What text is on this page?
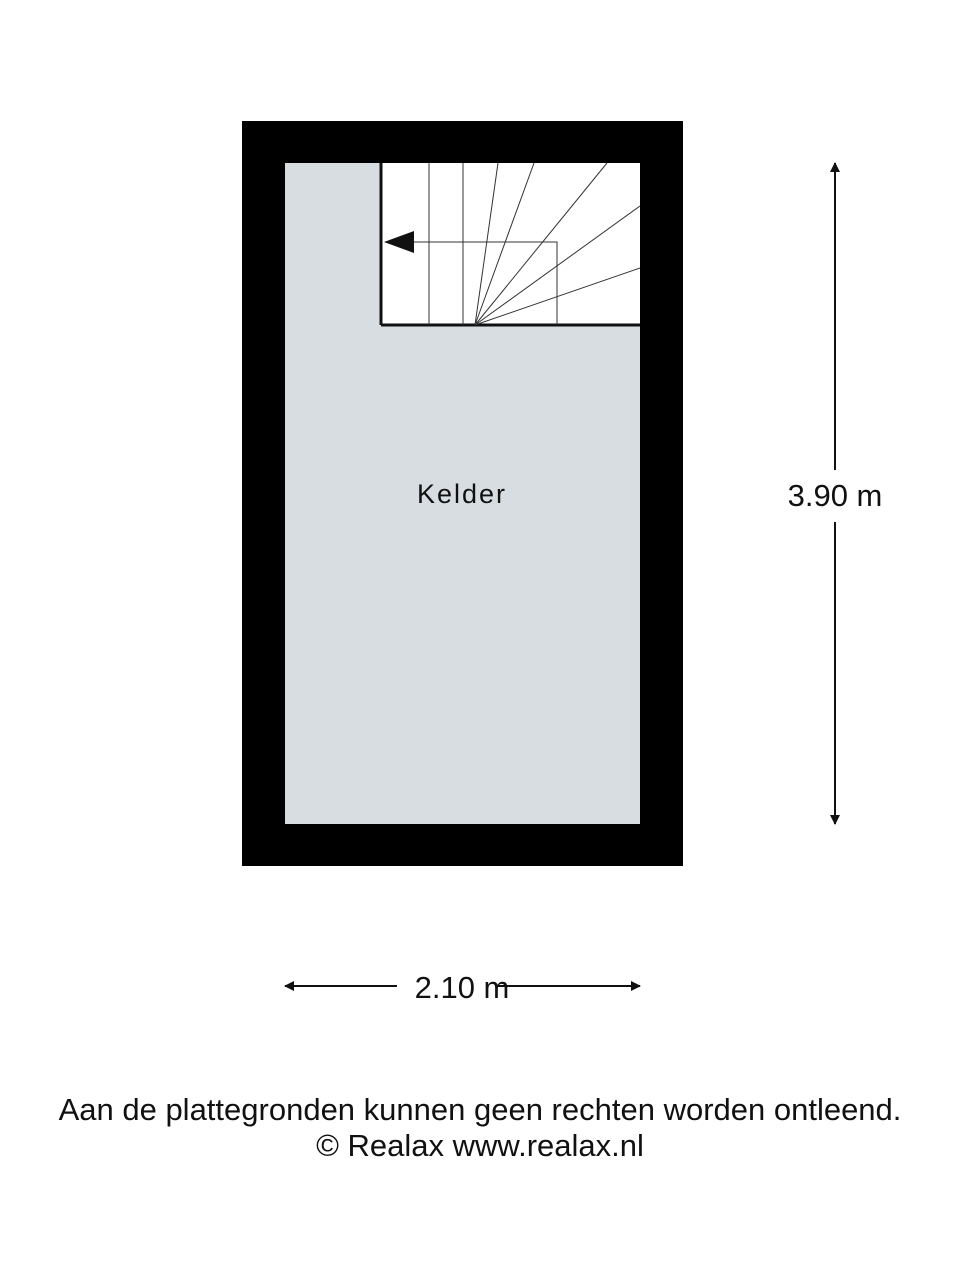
Kelder	3.90 m
2.10 m
Aan de plattegronden kunnen geen rechten worden ontleend.
© Realax www.realax.nl
